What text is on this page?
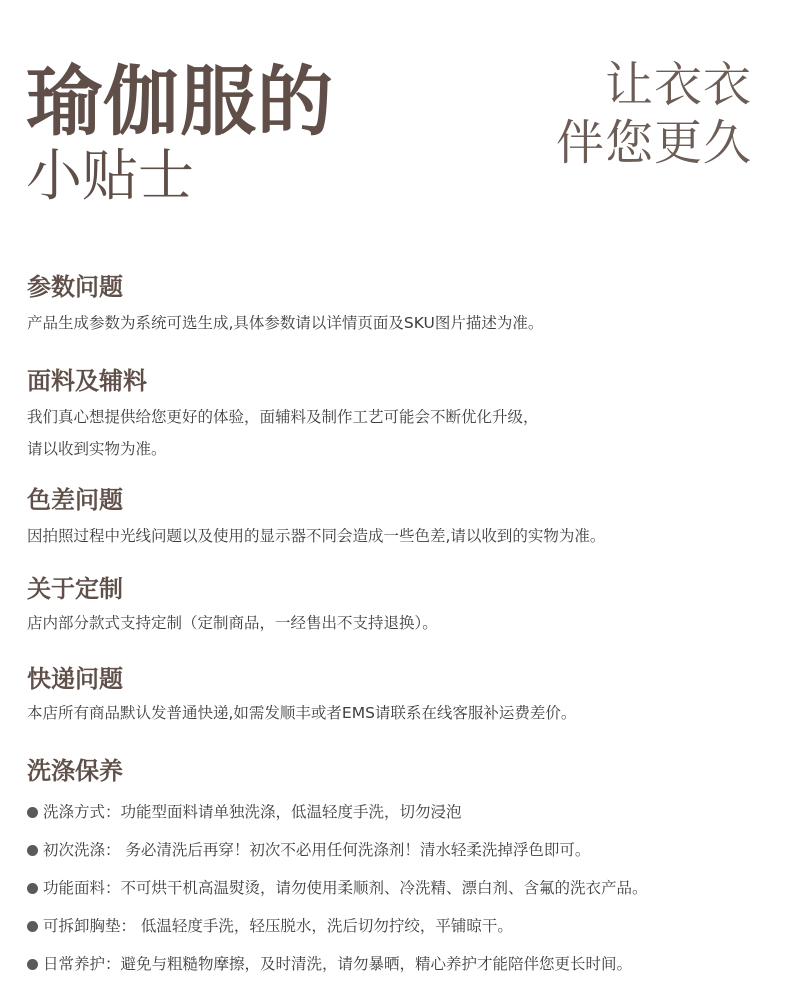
瑜伽服的
小贴士
让衣衣
伴您更久
参数问题
产品生成参数为系统可选生成,具体参数请以详情页面及SKU图片描述为准。
面料及辅料
我们真心想提供给您更好的体验，面辅料及制作工艺可能会不断优化升级，
请以收到实物为准。
色差问题
因拍照过程中光线问题以及使用的显示器不同会造成一些色差,请以收到的实物为准。
关于定制
店内部分款式支持定制（定制商品，一经售出不支持退换）。
快递问题
本店所有商品默认发普通快递,如需发顺丰或者EMS请联系在线客服补运费差价。
洗涤保养
洗涤方式：功能型面料请单独洗涤，低温轻度手洗，切勿浸泡
初次洗涤： 务必清洗后再穿！初次不必用任何洗涤剂！清水轻柔洗掉浮色即可。
功能面料：不可烘干机高温熨烫，请勿使用柔顺剂、冷洗精、漂白剂、含氟的洗衣产品。
可拆卸胸垫： 低温轻度手洗，轻压脱水，洗后切勿拧绞，平铺晾干。
日常养护：避免与粗糙物摩擦，及时清洗，请勿暴晒，精心养护才能陪伴您更长时间。
